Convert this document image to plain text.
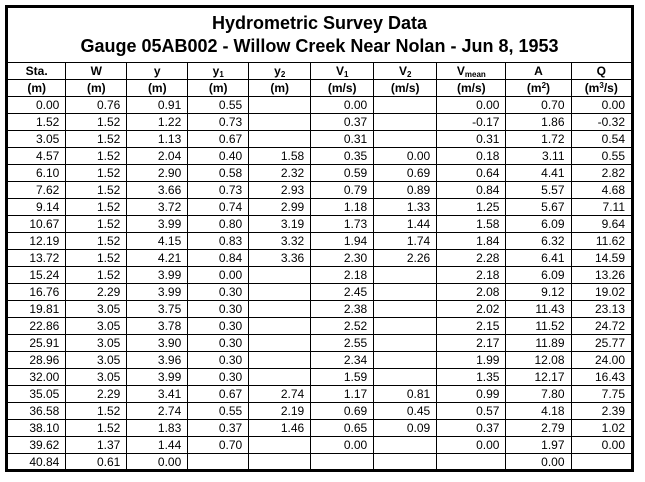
Hydrometric Survey Data
Gauge 05AB002 - Willow Creek Near Nolan - Jun 8, 1953
Sta.	W	y	$y_1$	$y_2$	$V_1$	$V_2$	$V_{mean}$	A	Q
(m)	(m)	(m)	(m)	(m)	(m/s)	(m/s)	(m/s)	$(m^2)$	$(m^3/s)$
0.00	0.76	0.91	0.55		0.00		0.00	0.70	0.00
1.52	1.52	1.22	0.73		0.37		-0.17	1.86	-0.32
3.05	1.52	1.13	0.67		0.31		0.31	1.72	0.54
4.57	1.52	2.04	0.40	1.58	0.35	0.00	0.18	3.11	0.55
6.10	1.52	2.90	0.58	2.32	0.59	0.69	0.64	4.41	2.82
7.62	1.52	3.66	0.73	2.93	0.79	0.89	0.84	5.57	4.68
9.14	1.52	3.72	0.74	2.99	1.18	1.33	1.25	5.67	7.11
10.67	1.52	3.99	0.80	3.19	1.73	1.44	1.58	6.09	9.64
12.19	1.52	4.15	0.83	3.32	1.94	1.74	1.84	6.32	11.62
13.72	1.52	4.21	0.84	3.36	2.30	2.26	2.28	6.41	14.59
15.24	1.52	3.99	0.00		2.18		2.18	6.09	13.26
16.76	2.29	3.99	0.30		2.45		2.08	9.12	19.02
19.81	3.05	3.75	0.30		2.38		2.02	11.43	23.13
22.86	3.05	3.78	0.30		2.52		2.15	11.52	24.72
25.91	3.05	3.90	0.30		2.55		2.17	11.89	25.77
28.96	3.05	3.96	0.30		2.34		1.99	12.08	24.00
32.00	3.05	3.99	0.30		1.59		1.35	12.17	16.43
35.05	2.29	3.41	0.67	2.74	1.17	0.81	0.99	7.80	7.75
36.58	1.52	2.74	0.55	2.19	0.69	0.45	0.57	4.18	2.39
38.10	1.52	1.83	0.37	1.46	0.65	0.09	0.37	2.79	1.02
39.62	1.37	1.44	0.70		0.00		0.00	1.97	0.00
40.84	0.61	0.00						0.00	
